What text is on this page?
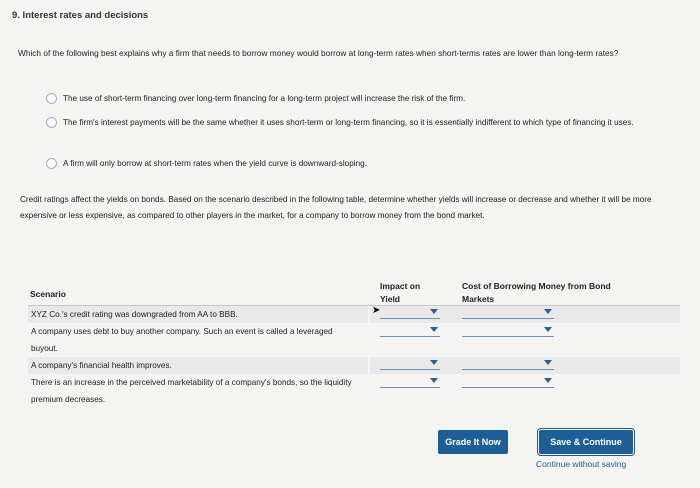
9. Interest rates and decisions
Which of the following best explains why a firm that needs to borrow money would borrow at long-term rates when short-terms rates are lower than long-term rates?
The use of short-term financing over long-term financing for a long-term project will increase the risk of the firm.
The firm's interest payments will be the same whether it uses short-term or long-term financing, so it is essentially indifferent to which type of financing it uses.
A firm will only borrow at short-term rates when the yield curve is downward-sloping.
Credit ratings affect the yields on bonds. Based on the scenario described in the following table, determine whether yields will increase or decrease and whether it will be more expensive or less expensive, as compared to other players in the market, for a company to borrow money from the bond market.
Scenario
Impact on Yield
Cost of Borrowing Money from Bond Markets
XYZ Co.'s credit rating was downgraded from AA to BBB.
A company uses debt to buy another company. Such an event is called a leveraged buyout.
A company's financial health improves.
There is an increase in the perceived marketability of a company's bonds, so the liquidity premium decreases.
➤
Grade It Now	Save & Continue
Continue without saving
